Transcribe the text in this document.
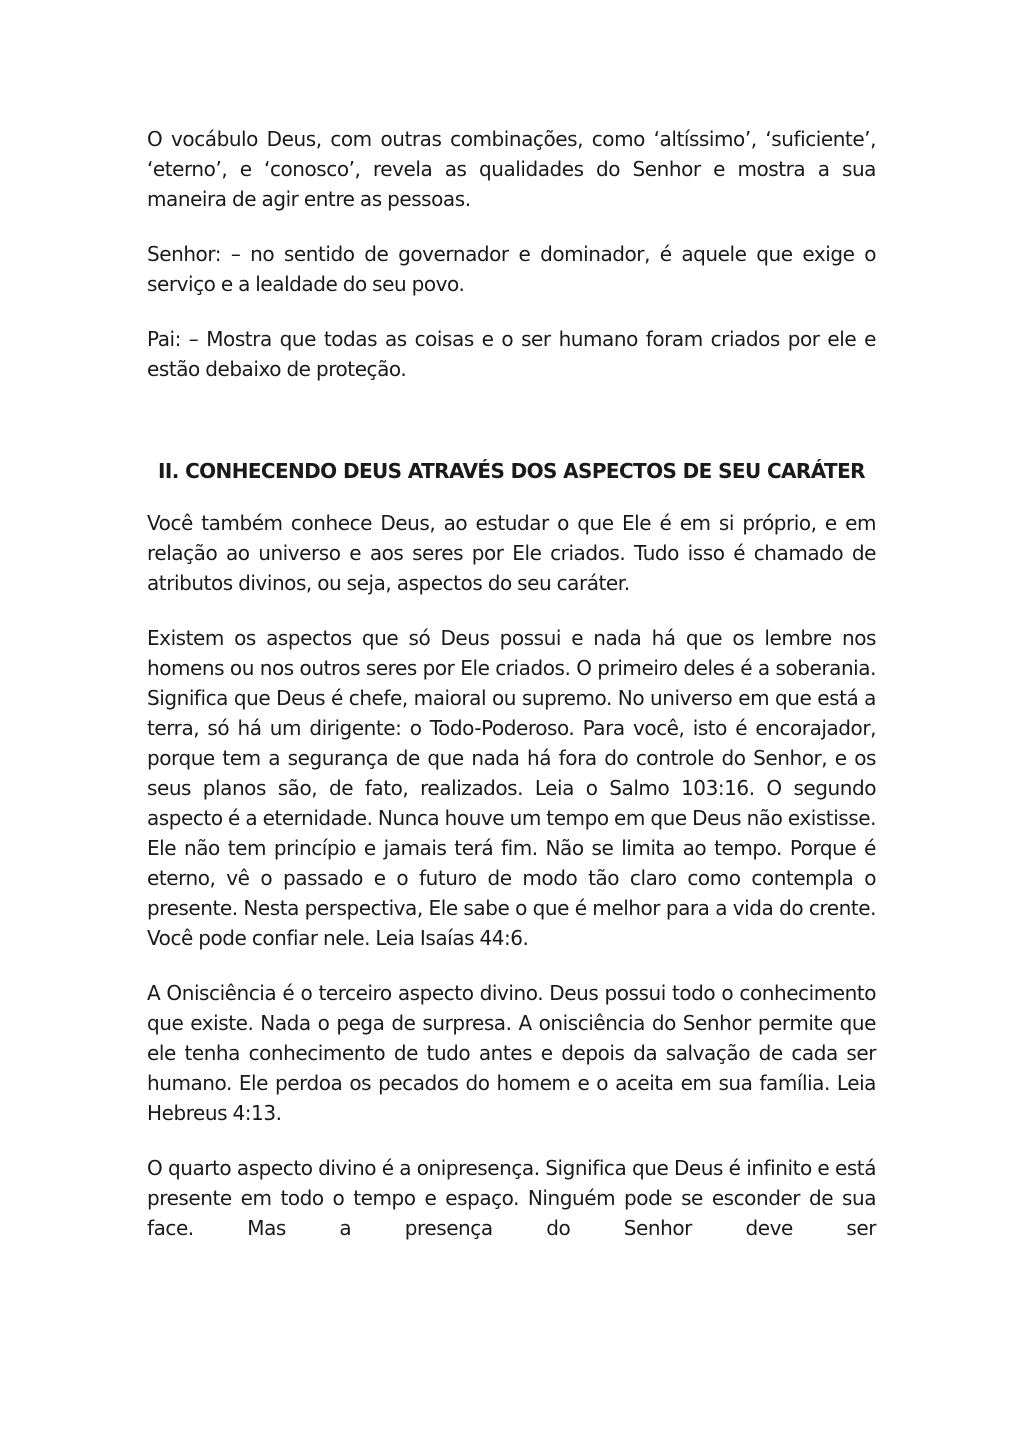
O vocábulo Deus, com outras combinações, como ‘altíssimo’, ‘suficiente’, ‘eterno’, e ‘conosco’, revela as qualidades do Senhor e mostra a sua maneira de agir entre as pessoas.

Senhor: – no sentido de governador e dominador, é aquele que exige o serviço e a lealdade do seu povo.

Pai: – Mostra que todas as coisas e o ser humano foram criados por ele e estão debaixo de proteção.

II. CONHECENDO DEUS ATRAVÉS DOS ASPECTOS DE SEU CARÁTER

Você também conhece Deus, ao estudar o que Ele é em si próprio, e em relação ao universo e aos seres por Ele criados. Tudo isso é chamado de atributos divinos, ou seja, aspectos do seu caráter.

Existem os aspectos que só Deus possui e nada há que os lembre nos homens ou nos outros seres por Ele criados. O primeiro deles é a soberania. Significa que Deus é chefe, maioral ou supremo. No universo em que está a terra, só há um dirigente: o Todo-Poderoso. Para você, isto é encorajador, porque tem a segurança de que nada há fora do controle do Senhor, e os seus planos são, de fato, realizados. Leia o Salmo 103:16. O segundo aspecto é a eternidade. Nunca houve um tempo em que Deus não existisse. Ele não tem princípio e jamais terá fim. Não se limita ao tempo. Porque é eterno, vê o passado e o futuro de modo tão claro como contempla o presente. Nesta perspectiva, Ele sabe o que é melhor para a vida do crente. Você pode confiar nele. Leia Isaías 44:6.

A Onisciência é o terceiro aspecto divino. Deus possui todo o conhecimento que existe. Nada o pega de surpresa. A onisciência do Senhor permite que ele tenha conhecimento de tudo antes e depois da salvação de cada ser humano. Ele perdoa os pecados do homem e o aceita em sua família. Leia Hebreus 4:13.

O quarto aspecto divino é a onipresença. Significa que Deus é infinito e está presente em todo o tempo e espaço. Ninguém pode se esconder de sua face. Mas a presença do Senhor deve ser
